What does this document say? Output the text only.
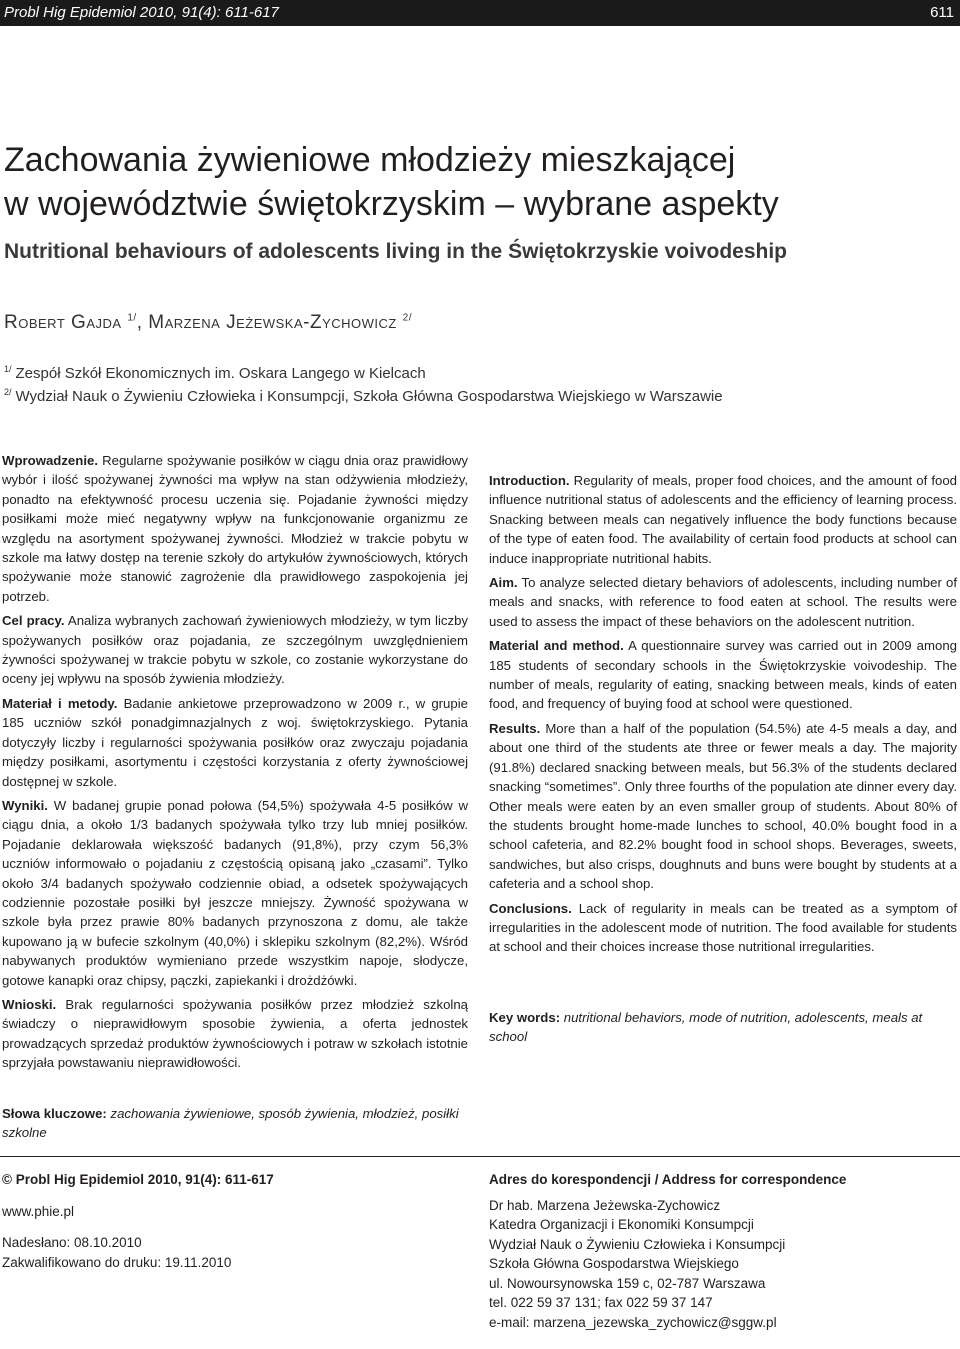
Probl Hig Epidemiol 2010, 91(4): 611-617	611
Zachowania żywieniowe młodzieży mieszkającej
w województwie świętokrzyskim – wybrane aspekty
Nutritional behaviours of adolescents living in the Świętokrzyskie voivodeship
Robert Gajda $^{1/}$, Marzena Jeżewska-Zychowicz $^{2/}$
$^{1/}$ Zespół Szkół Ekonomicznych im. Oskara Langego w Kielcach
$^{2/}$ Wydział Nauk o Żywieniu Człowieka i Konsumpcji, Szkoła Główna Gospodarstwa Wiejskiego w Warszawie

Wprowadzenie. Regularne spożywanie posiłków w ciągu dnia oraz prawidłowy wybór i ilość spożywanej żywności ma wpływ na stan odżywienia młodzieży, ponadto na efektywność procesu uczenia się. Pojadanie żywności między posiłkami może mieć negatywny wpływ na funkcjonowanie organizmu ze względu na asortyment spożywanej żywności. Młodzież w trakcie pobytu w szkole ma łatwy dostęp na terenie szkoły do artykułów żywnościowych, których spożywanie może stanowić zagrożenie dla prawidłowego zaspokojenia jej potrzeb.

Cel pracy. Analiza wybranych zachowań żywieniowych młodzieży, w tym liczby spożywanych posiłków oraz pojadania, ze szczególnym uwzględnieniem żywności spożywanej w trakcie pobytu w szkole, co zostanie wykorzystane do oceny jej wpływu na sposób żywienia młodzieży.

Materiał i metody. Badanie ankietowe przeprowadzono w 2009 r., w grupie 185 uczniów szkół ponadgimnazjalnych z woj. świętokrzyskiego. Pytania dotyczyły liczby i regularności spożywania posiłków oraz zwyczaju pojadania między posiłkami, asortymentu i częstości korzystania z oferty żywnościowej dostępnej w szkole.

Wyniki. W badanej grupie ponad połowa (54,5%) spożywała 4-5 posiłków w ciągu dnia, a około 1/3 badanych spożywała tylko trzy lub mniej posiłków. Pojadanie deklarowała większość badanych (91,8%), przy czym 56,3% uczniów informowało o pojadaniu z częstością opisaną jako „czasami”. Tylko około 3/4 badanych spożywało codziennie obiad, a odsetek spożywających codziennie pozostałe posiłki był jeszcze mniejszy. Żywność spożywana w szkole była przez prawie 80% badanych przynoszona z domu, ale także kupowano ją w bufecie szkolnym (40,0%) i sklepiku szkolnym (82,2%). Wśród nabywanych produktów wymieniano przede wszystkim napoje, słodycze, gotowe kanapki oraz chipsy, pączki, zapiekanki i drożdżówki.

Wnioski. Brak regularności spożywania posiłków przez młodzież szkolną świadczy o nieprawidłowym sposobie żywienia, a oferta jednostek prowadzących sprzedaż produktów żywnościowych i potraw w szkołach istotnie sprzyjała powstawaniu nieprawidłowości.

Introduction. Regularity of meals, proper food choices, and the amount of food influence nutritional status of adolescents and the efficiency of learning process. Snacking between meals can negatively influence the body functions because of the type of eaten food. The availability of certain food products at school can induce inappropriate nutritional habits.

Aim. To analyze selected dietary behaviors of adolescents, including number of meals and snacks, with reference to food eaten at school. The results were used to assess the impact of these behaviors on the adolescent nutrition.

Material and method. A questionnaire survey was carried out in 2009 among 185 students of secondary schools in the Świętokrzyskie voivodeship. The number of meals, regularity of eating, snacking between meals, kinds of eaten food, and frequency of buying food at school were questioned.

Results. More than a half of the population (54.5%) ate 4-5 meals a day, and about one third of the students ate three or fewer meals a day. The majority (91.8%) declared snacking between meals, but 56.3% of the students declared snacking “sometimes”. Only three fourths of the population ate dinner every day. Other meals were eaten by an even smaller group of students. About 80% of the students brought home-made lunches to school, 40.0% bought food in a school cafeteria, and 82.2% bought food in school shops. Beverages, sweets, sandwiches, but also crisps, doughnuts and buns were bought by students at a cafeteria and a school shop.

Conclusions. Lack of regularity in meals can be treated as a symptom of irregularities in the adolescent mode of nutrition. The food available for students at school and their choices increase those nutritional irregularities.

Key words: nutritional behaviors, mode of nutrition, adolescents, meals at school
Słowa kluczowe: zachowania żywieniowe, sposób żywienia, młodzież, posiłki szkolne
© Probl Hig Epidemiol 2010, 91(4): 611-617
www.phie.pl
Nadesłano: 08.10.2010
Zakwalifikowano do druku: 19.11.2010
Adres do korespondencji / Address for correspondence
Dr hab. Marzena Jeżewska-Zychowicz
Katedra Organizacji i Ekonomiki Konsumpcji
Wydział Nauk o Żywieniu Człowieka i Konsumpcji
Szkoła Główna Gospodarstwa Wiejskiego
ul. Nowoursynowska 159 c, 02-787 Warszawa
tel. 022 59 37 131; fax 022 59 37 147
e-mail: marzena_jezewska_zychowicz@sggw.pl
